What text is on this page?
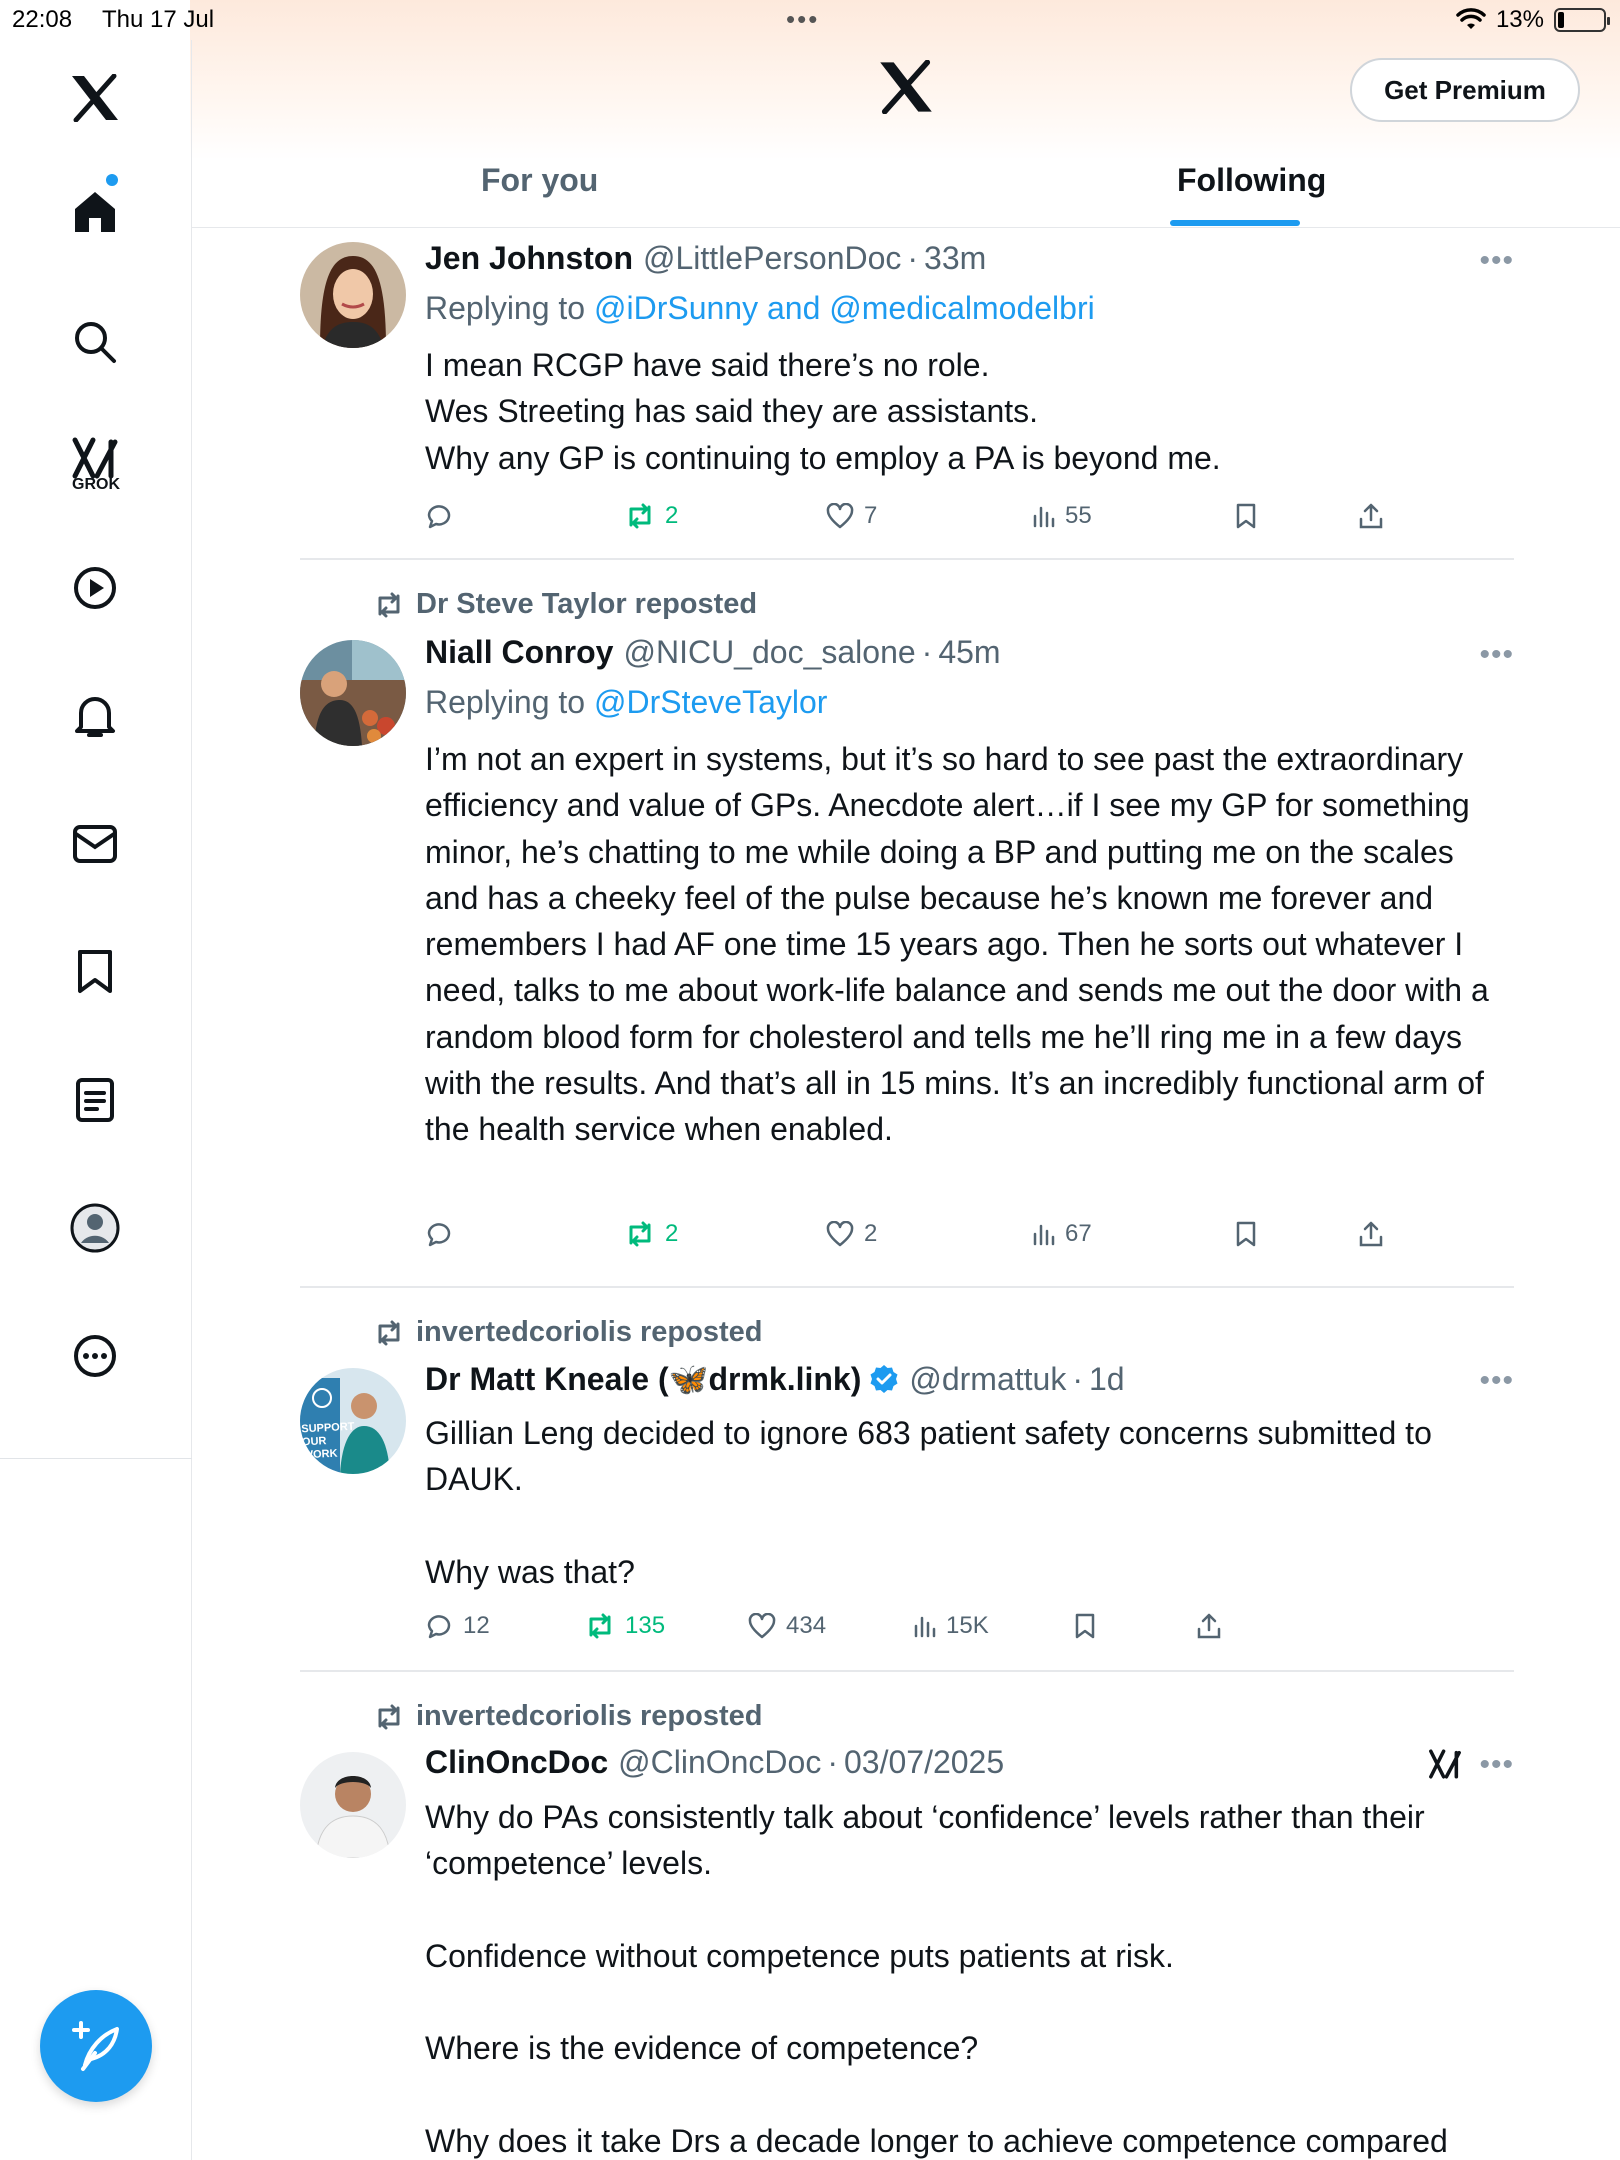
22:08 Thu 17 Jul	•••	13%
GROK
Get Premium
For you	Following
Jen Johnston @LittlePersonDoc · 33m	•••
Replying to @iDrSunny and @medicalmodelbri
I mean RCGP have said there’s no role.
Wes Streeting has said they are assistants.
Why any GP is continuing to employ a PA is beyond me.
Dr Steve Taylor reposted
Niall Conroy @NICU_doc_salone · 45m	•••
Replying to @DrSteveTaylor
I’m not an expert in systems, but it’s so hard to see past the extraordinary efficiency and value of GPs. Anecdote alert…if I see my GP for something minor, he’s chatting to me while doing a BP and putting me on the scales and has a cheeky feel of the pulse because he’s known me forever and remembers I had AF one time 15 years ago. Then he sorts out whatever I need, talks to me about work-life balance and sends me out the door with a random blood form for cholesterol and tells me he’ll ring me in a few days with the results. And that’s all in 15 mins. It’s an incredibly functional arm of the health service when enabled.
invertedcoriolis reposted
SUPPORT
OUR
WORK
Dr Matt Kneale ( 🦋 drmk.link) @drmattuk · 1d	•••
Gillian Leng decided to ignore 683 patient safety concerns submitted to DAUK.

Why was that?
invertedcoriolis reposted
ClinOncDoc @ClinOncDoc · 03/07/2025	•••
Why do PAs consistently talk about ‘confidence’ levels rather than their ‘competence’ levels.

Confidence without competence puts patients at risk.

Where is the evidence of competence?

Why does it take Drs a decade longer to achieve competence compared
2	7	55
2	2	67
12	135	434	15K
